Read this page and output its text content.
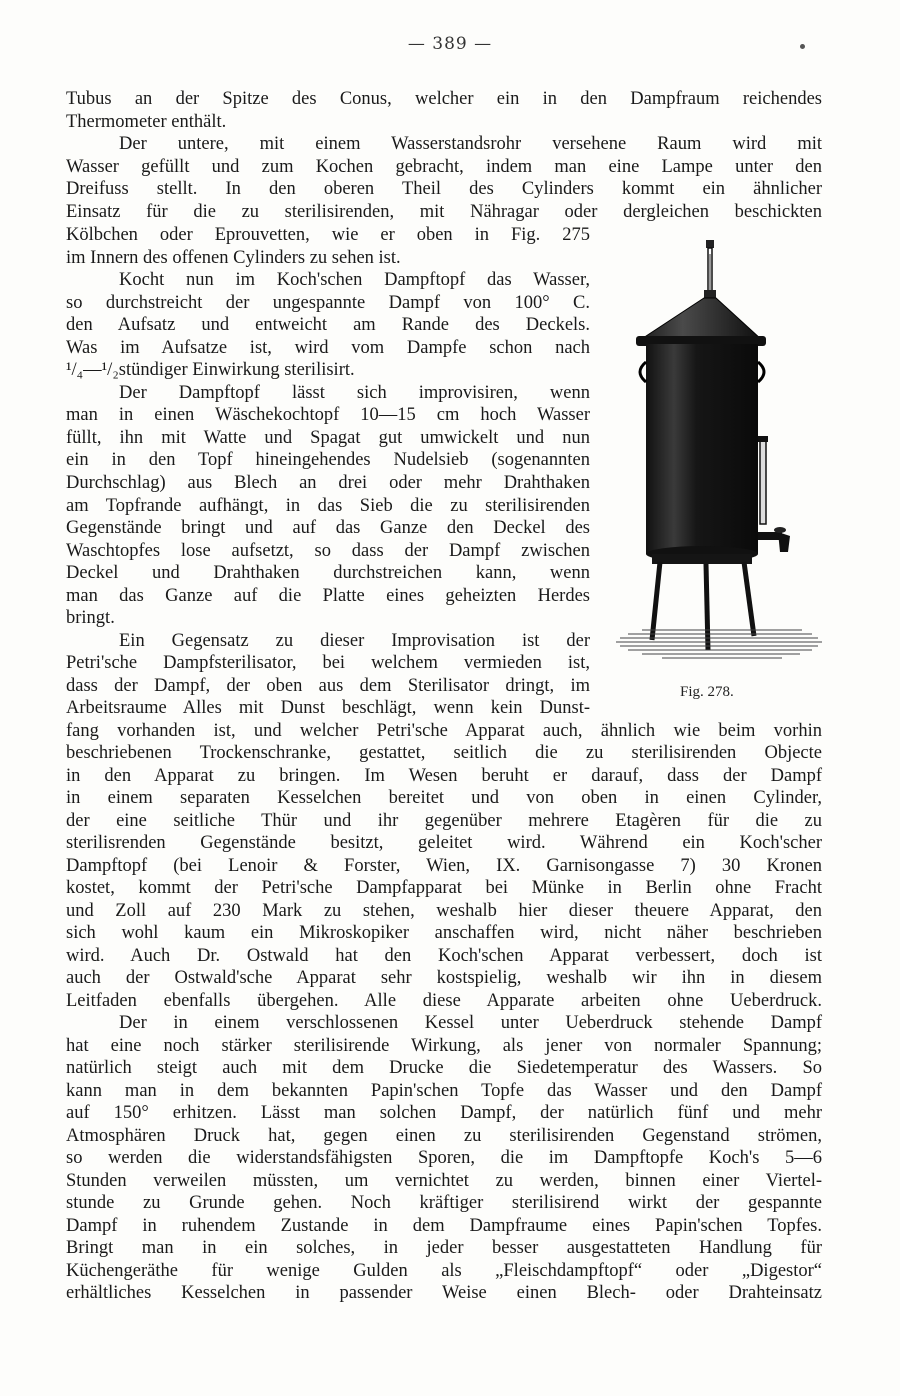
— 389 —
Tubus an der Spitze des Conus, welcher ein in den Dampfraum reichendes
Thermometer enthält.
Der untere, mit einem Wasserstandsrohr versehene Raum wird mit
Wasser gefüllt und zum Kochen gebracht, indem man eine Lampe unter den
Dreifuss stellt. In den oberen Theil des Cylinders kommt ein ähnlicher
Einsatz für die zu sterilisirenden, mit Nähragar oder dergleichen beschickten
Kölbchen oder Eprouvetten, wie er oben in Fig. 275
im Innern des offenen Cylinders zu sehen ist.
Kocht nun im Koch'schen Dampftopf das Wasser,
so durchstreicht der ungespannte Dampf von 100° C.
den Aufsatz und entweicht am Rande des Deckels.
Was im Aufsatze ist, wird vom Dampfe schon nach
¹/₄—¹/₂stündiger Einwirkung sterilisirt.
Der Dampftopf lässt sich improvisiren, wenn
man in einen Wäschekochtopf 10—15 cm hoch Wasser
füllt, ihn mit Watte und Spagat gut umwickelt und nun
ein in den Topf hineingehendes Nudelsieb (sogenannten
Durchschlag) aus Blech an drei oder mehr Drahthaken
am Topfrande aufhängt, in das Sieb die zu sterilisirenden
Gegenstände bringt und auf das Ganze den Deckel des
Waschtopfes lose aufsetzt, so dass der Dampf zwischen
Deckel und Drahthaken durchstreichen kann, wenn
man das Ganze auf die Platte eines geheizten Herdes
bringt.
Ein Gegensatz zu dieser Improvisation ist der
Petri'sche Dampfsterilisator, bei welchem vermieden ist,
dass der Dampf, der oben aus dem Sterilisator dringt, im
Arbeitsraume Alles mit Dunst beschlägt, wenn kein Dunst-
fang vorhanden ist, und welcher Petri'sche Apparat auch, ähnlich wie beim vorhin
beschriebenen Trockenschranke, gestattet, seitlich die zu sterilisirenden Objecte
in den Apparat zu bringen. Im Wesen beruht er darauf, dass der Dampf
in einem separaten Kesselchen bereitet und von oben in einen Cylinder,
der eine seitliche Thür und ihr gegenüber mehrere Etagèren für die zu
sterilisrenden Gegenstände besitzt, geleitet wird. Während ein Koch'scher
Dampftopf (bei Lenoir & Forster, Wien, IX. Garnisongasse 7) 30 Kronen
kostet, kommt der Petri'sche Dampfapparat bei Münke in Berlin ohne Fracht
und Zoll auf 230 Mark zu stehen, weshalb hier dieser theuere Apparat, den
sich wohl kaum ein Mikroskopiker anschaffen wird, nicht näher beschrieben
wird. Auch Dr. Ostwald hat den Koch'schen Apparat verbessert, doch ist
auch der Ostwald'sche Apparat sehr kostspielig, weshalb wir ihn in diesem
Leitfaden ebenfalls übergehen. Alle diese Apparate arbeiten ohne Ueberdruck.
Der in einem verschlossenen Kessel unter Ueberdruck stehende Dampf
hat eine noch stärker sterilisirende Wirkung, als jener von normaler Spannung;
natürlich steigt auch mit dem Drucke die Siedetemperatur des Wassers. So
kann man in dem bekannten Papin'schen Topfe das Wasser und den Dampf
auf 150° erhitzen. Lässt man solchen Dampf, der natürlich fünf und mehr
Atmosphären Druck hat, gegen einen zu sterilisirenden Gegenstand strömen,
so werden die widerstandsfähigsten Sporen, die im Dampftopfe Koch's 5—6
Stunden verweilen müssten, um vernichtet zu werden, binnen einer Viertel-
stunde zu Grunde gehen. Noch kräftiger sterilisirend wirkt der gespannte
Dampf in ruhendem Zustande in dem Dampfraume eines Papin'schen Topfes.
Bringt man in ein solches, in jeder besser ausgestatteten Handlung für
Küchengeräthe für wenige Gulden als „Fleischdampftopf“ oder „Digestor“
erhältliches Kesselchen in passender Weise einen Blech- oder Drahteinsatz
Fig. 278.
